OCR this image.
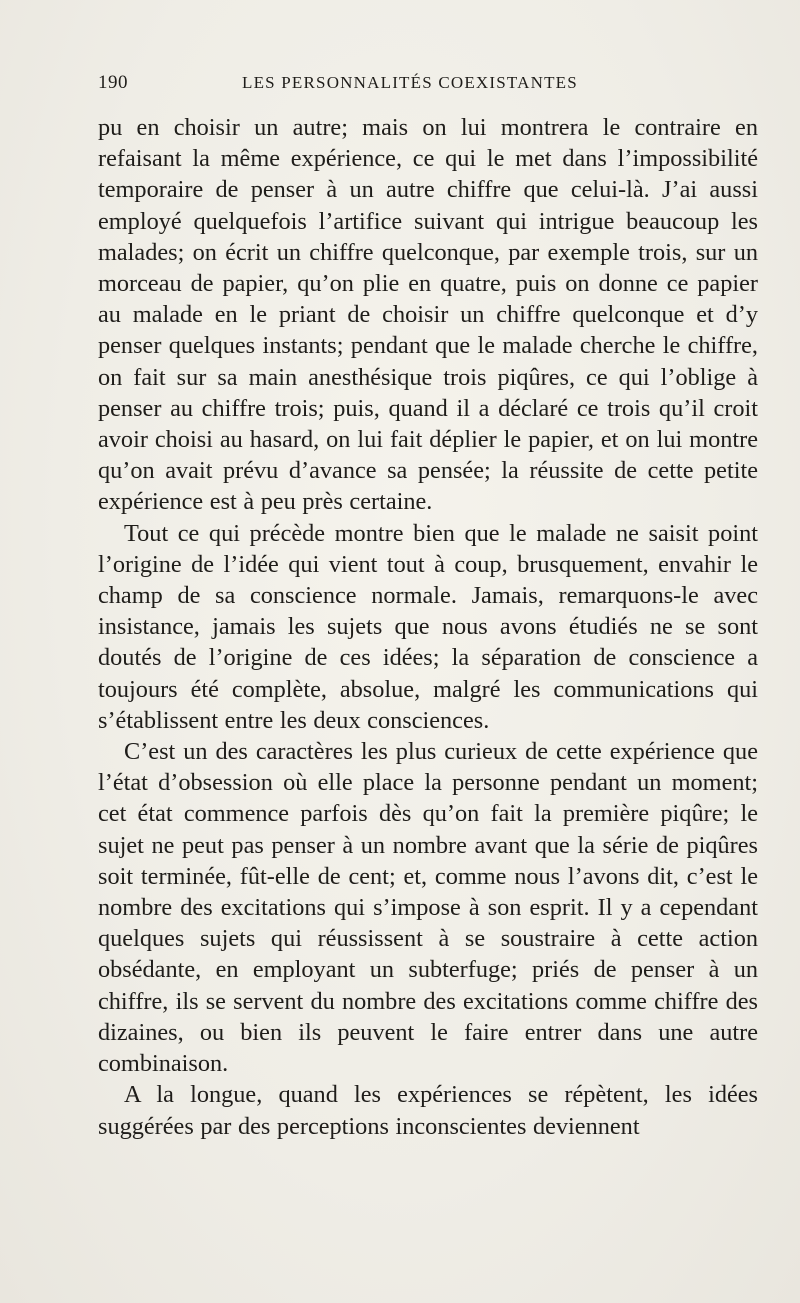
190	LES PERSONNALITÉS COEXISTANTES

pu en choisir un autre; mais on lui montrera le contraire en refaisant la même expérience, ce qui le met dans l’impossibilité temporaire de penser à un autre chiffre que celui-là. J’ai aussi employé quelquefois l’artifice suivant qui intrigue beaucoup les malades; on écrit un chiffre quelconque, par exemple trois, sur un morceau de papier, qu’on plie en quatre, puis on donne ce papier au malade en le priant de choisir un chiffre quelconque et d’y penser quelques instants; pendant que le malade cherche le chiffre, on fait sur sa main anesthésique trois piqûres, ce qui l’oblige à penser au chiffre trois; puis, quand il a déclaré ce trois qu’il croit avoir choisi au hasard, on lui fait déplier le papier, et on lui montre qu’on avait prévu d’avance sa pensée; la réussite de cette petite expérience est à peu près certaine.

Tout ce qui précède montre bien que le malade ne saisit point l’origine de l’idée qui vient tout à coup, brusquement, envahir le champ de sa conscience normale. Jamais, remarquons-le avec insistance, jamais les sujets que nous avons étudiés ne se sont doutés de l’origine de ces idées; la séparation de conscience a toujours été complète, absolue, malgré les communications qui s’établissent entre les deux consciences.

C’est un des caractères les plus curieux de cette expérience que l’état d’obsession où elle place la personne pendant un moment; cet état commence parfois dès qu’on fait la première piqûre; le sujet ne peut pas penser à un nombre avant que la série de piqûres soit terminée, fût-elle de cent; et, comme nous l’avons dit, c’est le nombre des excitations qui s’impose à son esprit. Il y a cependant quelques sujets qui réussissent à se soustraire à cette action obsédante, en employant un subterfuge; priés de penser à un chiffre, ils se servent du nombre des excitations comme chiffre des dizaines, ou bien ils peuvent le faire entrer dans une autre combinaison.

A la longue, quand les expériences se répètent, les idées suggérées par des perceptions inconscientes deviennent
